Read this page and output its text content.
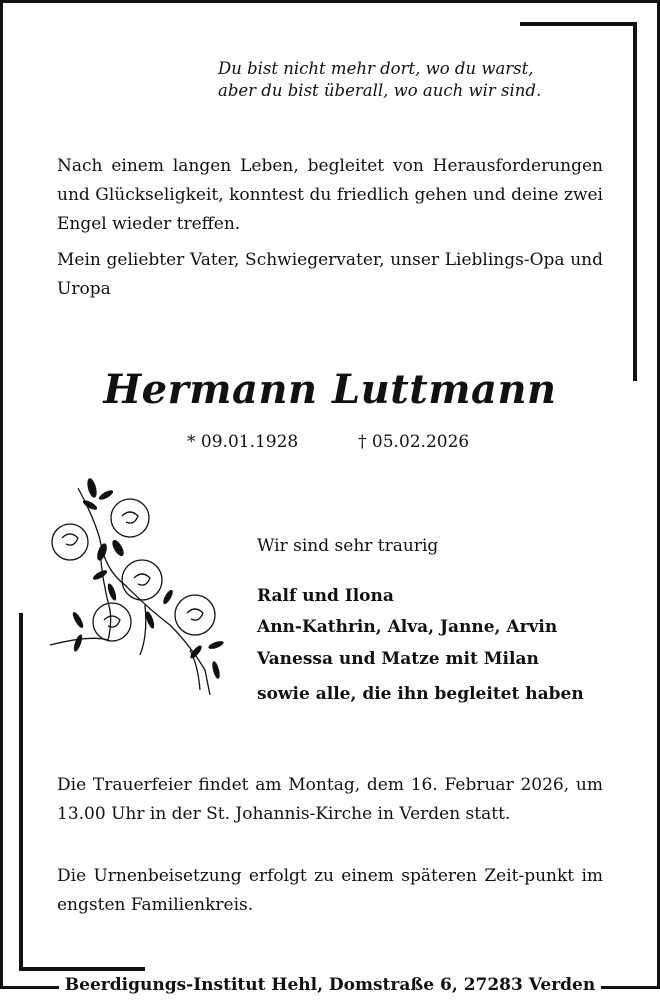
Du bist nicht mehr dort, wo du warst,
aber du bist überall, wo auch wir sind.
Nach einem langen Leben, begleitet von Herausforderungen und Glückseligkeit, konntest du friedlich gehen und deine zwei Engel wieder treffen.
Mein geliebter Vater, Schwiegervater, unser Lieblings-Opa und Uropa
Hermann Luttmann
* 09.01.1928	† 05.02.2026
Wir sind sehr traurig
Ralf und Ilona
Ann-Kathrin, Alva, Janne, Arvin
Vanessa und Matze mit Milan
sowie alle, die ihn begleitet haben
Die Trauerfeier findet am Montag, dem 16. Februar 2026, um 13.00 Uhr in der St. Johannis-Kirche in Verden statt.
Die Urnenbeisetzung erfolgt zu einem späteren Zeit-punkt im engsten Familienkreis.
Beerdigungs-Institut Hehl, Domstraße 6, 27283 Verden
